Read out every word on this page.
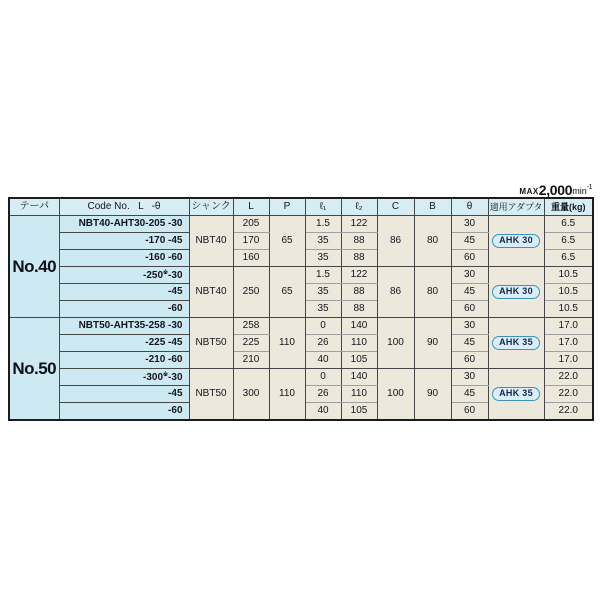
$MAX2,000\min^{-1}$
テーパ	Code No.   L   -θ	シャンク	L	P	ℓ₁	ℓ₂	C	B	θ	適用アダプタ	重量(kg)
No.40	NBT40-AHT30-205 -30	NBT40	205	65	1.5	122	86	80	30	AHK 30	6.5
	-170 -45		170		35	88			45		6.5
	-160 -60		160		35	88			60		6.5
	-250※-30	NBT40	250	65	1.5	122	86	80	30	AHK 30	10.5
	-45				35	88			45		10.5
	-60				35	88			60		10.5
No.50	NBT50-AHT35-258 -30	NBT50	258	110	0	140	100	90	30	AHK 35	17.0
	-225 -45		225		26	110			45		17.0
	-210 -60		210		40	105			60		17.0
	-300※-30	NBT50	300	110	0	140	100	90	30	AHK 35	22.0
	-45				26	110			45		22.0
	-60				40	105			60		22.0
